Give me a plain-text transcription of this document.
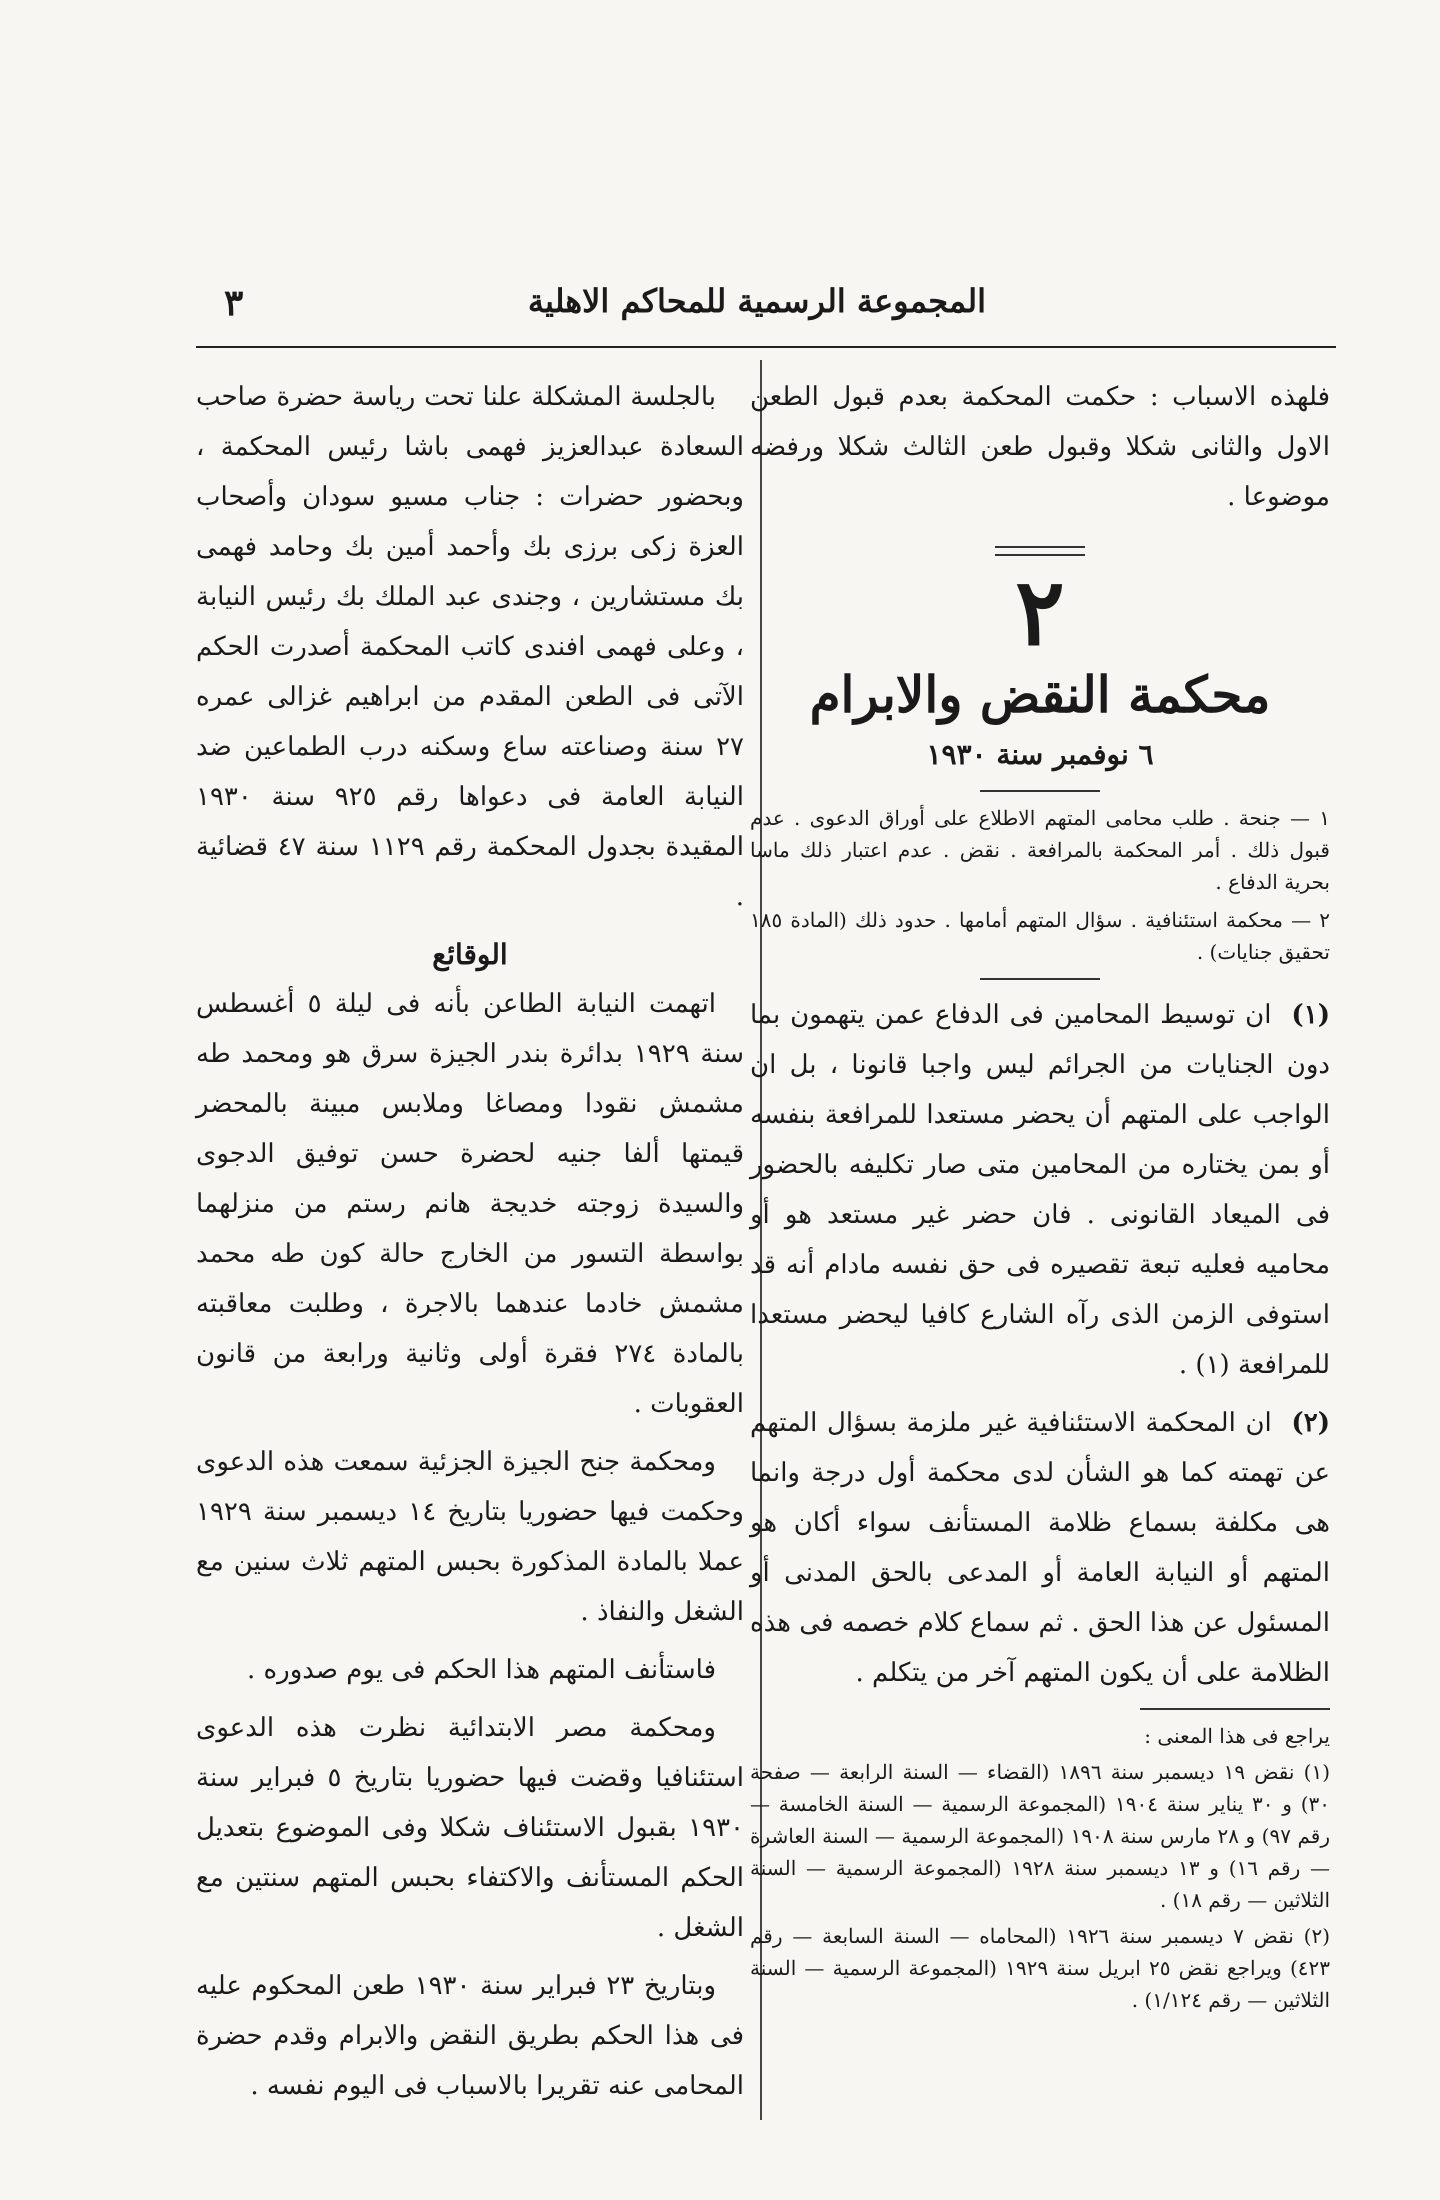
٣	المجموعة الرسمية للمحاكم الاهلية

فلهذه الاسباب : حكمت المحكمة بعدم قبول الطعن الاول والثانى شكلا وقبول طعن الثالث شكلا ورفضه موضوعا .

٢
محكمة النقض والابرام
٦ نوفمبر سنة ١٩٣٠

١ — جنحة . طلب محامى المتهم الاطلاع على أوراق الدعوى . عدم قبول ذلك . أمر المحكمة بالمرافعة . نقض . عدم اعتبار ذلك ماسا بحرية الدفاع .

٢ — محكمة استئنافية . سؤال المتهم أمامها . حدود ذلك (المادة ١٨٥ تحقيق جنايات) .

(١) ان توسيط المحامين فى الدفاع عمن يتهمون بما دون الجنايات من الجرائم ليس واجبا قانونا ، بل ان الواجب على المتهم أن يحضر مستعدا للمرافعة بنفسه أو بمن يختاره من المحامين متى صار تكليفه بالحضور فى الميعاد القانونى . فان حضر غير مستعد هو أو محاميه فعليه تبعة تقصيره فى حق نفسه مادام أنه قد استوفى الزمن الذى رآه الشارع كافيا ليحضر مستعدا للمرافعة (١) .

(٢) ان المحكمة الاستئنافية غير ملزمة بسؤال المتهم عن تهمته كما هو الشأن لدى محكمة أول درجة وانما هى مكلفة بسماع ظلامة المستأنف سواء أكان هو المتهم أو النيابة العامة أو المدعى بالحق المدنى أو المسئول عن هذا الحق . ثم سماع كلام خصمه فى هذه الظلامة على أن يكون المتهم آخر من يتكلم .

يراجع فى هذا المعنى :

(١) نقض ١٩ ديسمبر سنة ١٨٩٦ (القضاء — السنة الرابعة — صفحة ٣٠) و ٣٠ يناير سنة ١٩٠٤ (المجموعة الرسمية — السنة الخامسة — رقم ٩٧) و ٢٨ مارس سنة ١٩٠٨ (المجموعة الرسمية — السنة العاشرة — رقم ١٦) و ١٣ ديسمبر سنة ١٩٢٨ (المجموعة الرسمية — السنة الثلاثين — رقم ١٨) .

(٢) نقض ٧ ديسمبر سنة ١٩٢٦ (المحاماه — السنة السابعة — رقم ٤٢٣) ويراجع نقض ٢٥ ابريل سنة ١٩٢٩ (المجموعة الرسمية — السنة الثلاثين — رقم ١/١٢٤) .

بالجلسة المشكلة علنا تحت رياسة حضرة صاحب السعادة عبدالعزيز فهمى باشا رئيس المحكمة ، وبحضور حضرات : جناب مسيو سودان وأصحاب العزة زكى برزى بك وأحمد أمين بك وحامد فهمى بك مستشارين ، وجندى عبد الملك بك رئيس النيابة ، وعلى فهمى افندى كاتب المحكمة أصدرت الحكم الآتى فى الطعن المقدم من ابراهيم غزالى عمره ٢٧ سنة وصناعته ساع وسكنه درب الطماعين ضد النيابة العامة فى دعواها رقم ٩٢٥ سنة ١٩٣٠ المقيدة بجدول المحكمة رقم ١١٢٩ سنة ٤٧ قضائية .

الوقائع

اتهمت النيابة الطاعن بأنه فى ليلة ٥ أغسطس سنة ١٩٢٩ بدائرة بندر الجيزة سرق هو ومحمد طه مشمش نقودا ومصاغا وملابس مبينة بالمحضر قيمتها ألفا جنيه لحضرة حسن توفيق الدجوى والسيدة زوجته خديجة هانم رستم من منزلهما بواسطة التسور من الخارج حالة كون طه محمد مشمش خادما عندهما بالاجرة ، وطلبت معاقبته بالمادة ٢٧٤ فقرة أولى وثانية ورابعة من قانون العقوبات .

ومحكمة جنح الجيزة الجزئية سمعت هذه الدعوى وحكمت فيها حضوريا بتاريخ ١٤ ديسمبر سنة ١٩٢٩ عملا بالمادة المذكورة بحبس المتهم ثلاث سنين مع الشغل والنفاذ .

فاستأنف المتهم هذا الحكم فى يوم صدوره .

ومحكمة مصر الابتدائية نظرت هذه الدعوى استئنافيا وقضت فيها حضوريا بتاريخ ٥ فبراير سنة ١٩٣٠ بقبول الاستئناف شكلا وفى الموضوع بتعديل الحكم المستأنف والاكتفاء بحبس المتهم سنتين مع الشغل .

وبتاريخ ٢٣ فبراير سنة ١٩٣٠ طعن المحكوم عليه فى هذا الحكم بطريق النقض والابرام وقدم حضرة المحامى عنه تقريرا بالاسباب فى اليوم نفسه .
